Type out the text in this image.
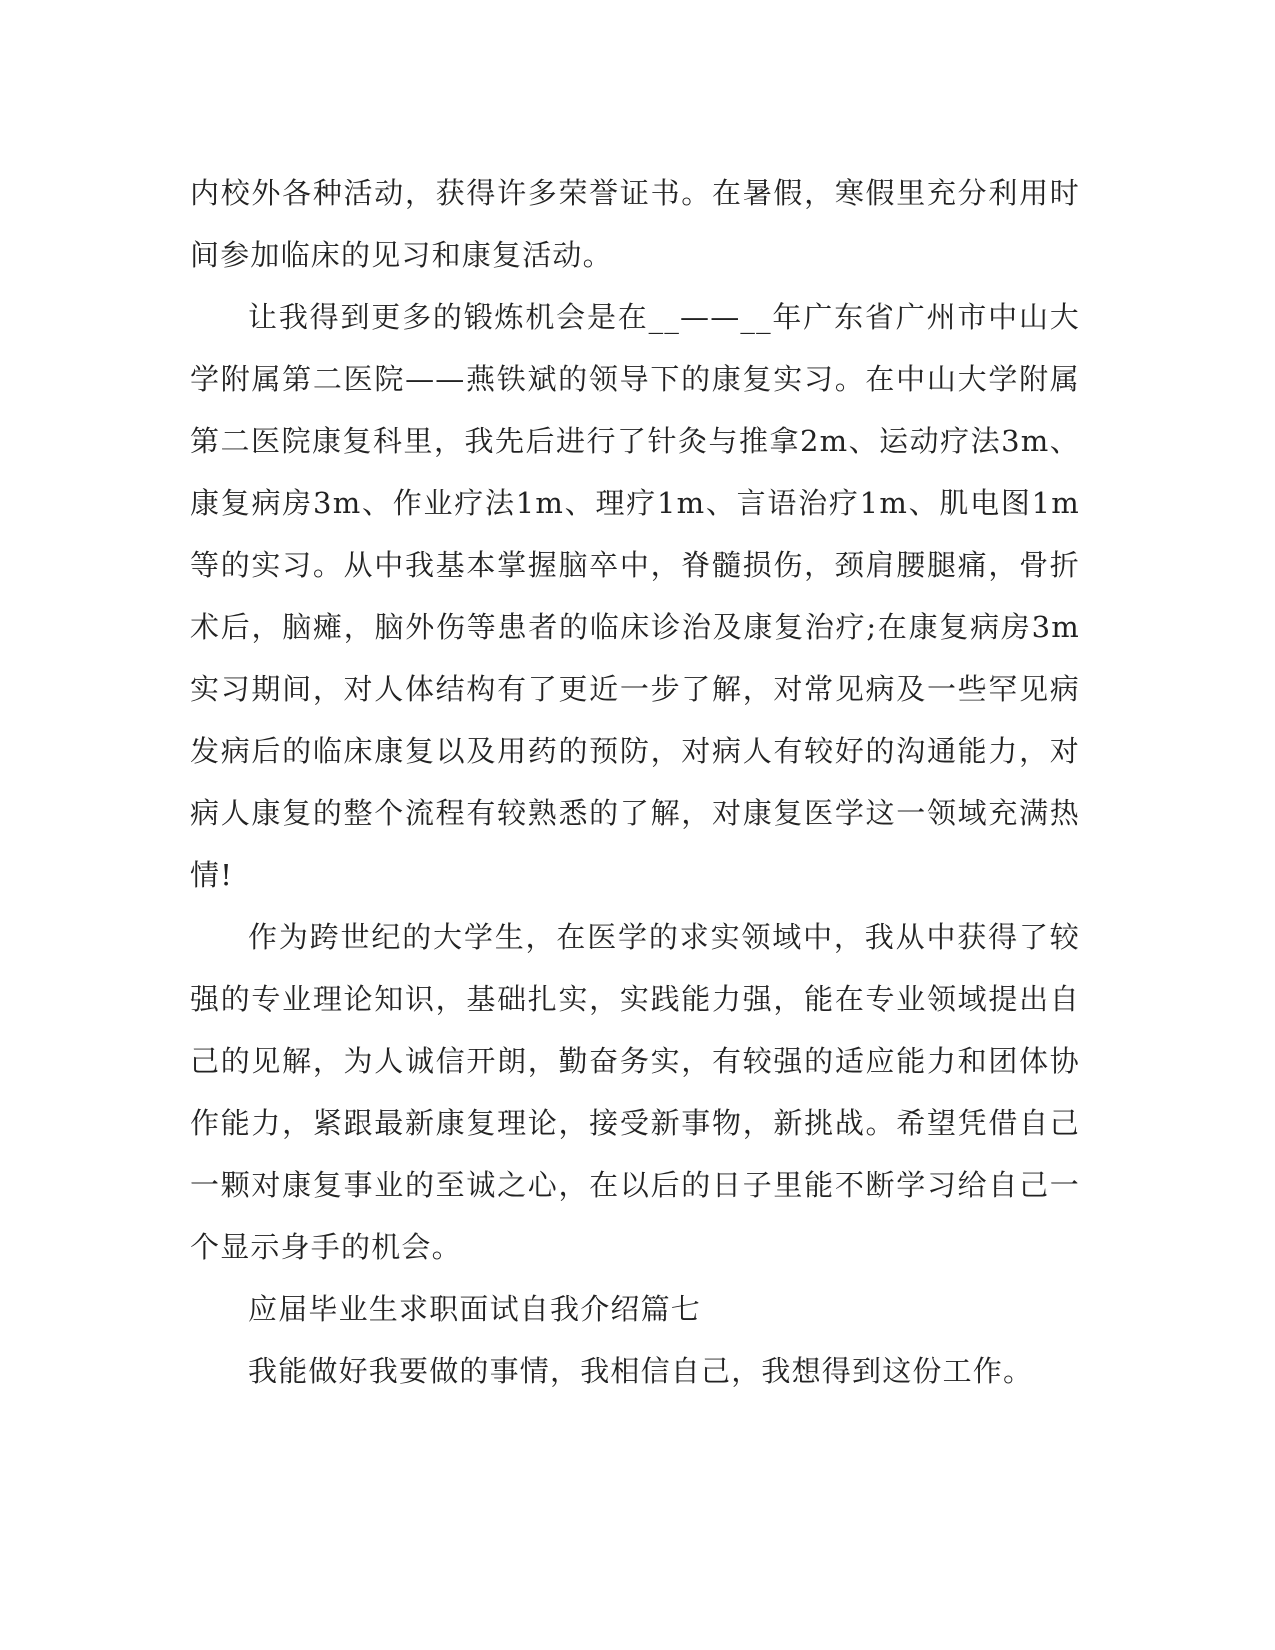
内校外各种活动，获得许多荣誉证书。在暑假，寒假里充分利用时间参加临床的见习和康复活动。

让我得到更多的锻炼机会是在__——__年广东省广州市中山大学附属第二医院——燕铁斌的领导下的康复实习。在中山大学附属第二医院康复科里，我先后进行了针灸与推拿2m、运动疗法3m、康复病房3m、作业疗法1m、理疗1m、言语治疗1m、肌电图1m等的实习。从中我基本掌握脑卒中，脊髓损伤，颈肩腰腿痛，骨折术后，脑瘫，脑外伤等患者的临床诊治及康复治疗;在康复病房3m实习期间，对人体结构有了更近一步了解，对常见病及一些罕见病发病后的临床康复以及用药的预防，对病人有较好的沟通能力，对病人康复的整个流程有较熟悉的了解，对康复医学这一领域充满热情!

作为跨世纪的大学生，在医学的求实领域中，我从中获得了较强的专业理论知识，基础扎实，实践能力强，能在专业领域提出自己的见解，为人诚信开朗，勤奋务实，有较强的适应能力和团体协作能力，紧跟最新康复理论，接受新事物，新挑战。希望凭借自己一颗对康复事业的至诚之心，在以后的日子里能不断学习给自己一个显示身手的机会。

应届毕业生求职面试自我介绍篇七

我能做好我要做的事情，我相信自己，我想得到这份工作。
